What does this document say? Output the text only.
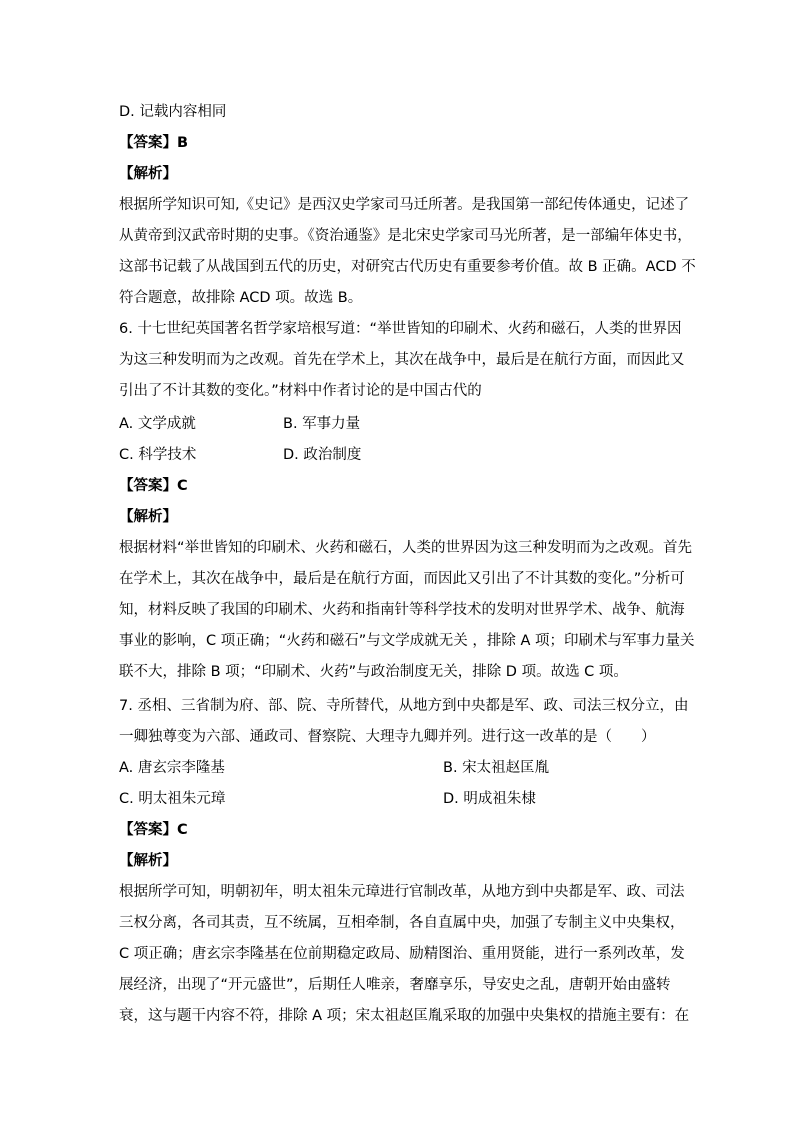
D. 记载内容相同
【答案】B
【解析】
根据所学知识可知,《史记》是西汉史学家司马迁所著。是我国第一部纪传体通史，记述了
从黄帝到汉武帝时期的史事。《资治通鉴》是北宋史学家司马光所著，是一部编年体史书，
这部书记载了从战国到五代的历史，对研究古代历史有重要参考价值。故 B 正确。ACD 不
符合题意，故排除 ACD 项。故选 B。
6. 十七世纪英国著名哲学家培根写道：“举世皆知的印刷术、火药和磁石，人类的世界因
为这三种发明而为之改观。首先在学术上，其次在战争中，最后是在航行方面，而因此又
引出了不计其数的变化。”材料中作者讨论的是中国古代的
A. 文学成就	B. 军事力量
C. 科学技术	D. 政治制度
【答案】C
【解析】
根据材料“举世皆知的印刷术、火药和磁石，人类的世界因为这三种发明而为之改观。首先
在学术上，其次在战争中，最后是在航行方面，而因此又引出了不计其数的变化。”分析可
知，材料反映了我国的印刷术、火药和指南针等科学技术的发明对世界学术、战争、航海
事业的影响，C 项正确；“火药和磁石”与文学成就无关 ，排除 A 项；印刷术与军事力量关
联不大，排除 B 项；“印刷术、火药”与政治制度无关，排除 D 项。故选 C 项。
7. 丞相、三省制为府、部、院、寺所替代，从地方到中央都是军、政、司法三权分立，由
一卿独尊变为六部、通政司、督察院、大理寺九卿并列。进行这一改革的是（　　）
A. 唐玄宗李隆基	B. 宋太祖赵匡胤
C. 明太祖朱元璋	D. 明成祖朱棣
【答案】C
【解析】
根据所学可知，明朝初年，明太祖朱元璋进行官制改革，从地方到中央都是军、政、司法
三权分离，各司其责，互不统属，互相牵制，各自直属中央，加强了专制主义中央集权，
C 项正确；唐玄宗李隆基在位前期稳定政局、励精图治、重用贤能，进行一系列改革，发
展经济，出现了“开元盛世”，后期任人唯亲，奢靡享乐，导安史之乱，唐朝开始由盛转
衰，这与题干内容不符，排除 A 项；宋太祖赵匡胤采取的加强中央集权的措施主要有：在
